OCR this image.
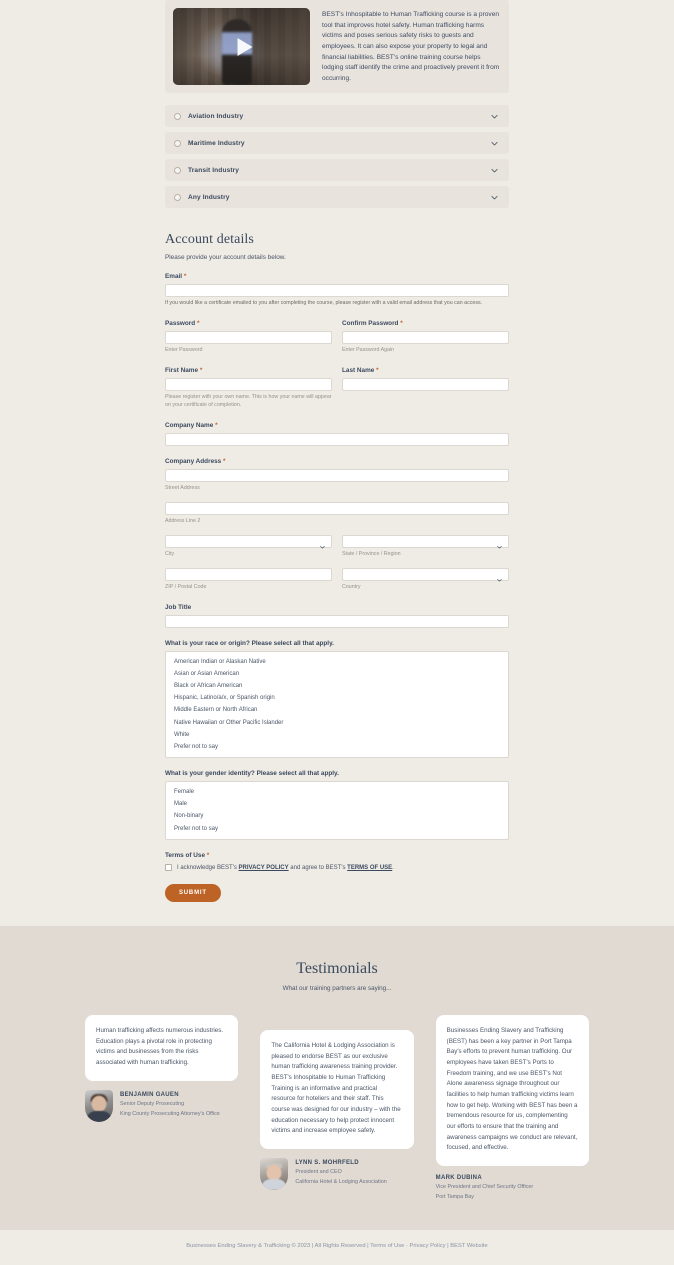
BEST's Inhospitable to Human Trafficking course is a proven tool that improves hotel safety. Human trafficking harms victims and poses serious safety risks to guests and employees. It can also expose your property to legal and financial liabilities. BEST's online training course helps lodging staff identify the crime and proactively prevent it from occurring.
Aviation Industry
Maritime Industry
Transit Industry
Any Industry
Account details
Please provide your account details below.
Email *
If you would like a certificate emailed to you after completing the course, please register with a valid email address that you can access.
Password *
Enter Password
Confirm Password *
Enter Password Again
First Name *
Please register with your own name. This is how your name will appear on your certificate of completion.
Last Name *
Company Name *
Company Address *
Street Address
Address Line 2
City	State / Province / Region
ZIP / Postal Code	Country
Job Title
What is your race or origin? Please select all that apply.
American Indian or Alaskan Native
Asian or Asian American
Black or African American
Hispanic, Latino/a/x, or Spanish origin
Middle Eastern or North African
Native Hawaiian or Other Pacific Islander
White
Prefer not to say
What is your gender identity? Please select all that apply.
Female
Male
Non-binary
Prefer not to say
Terms of Use *
I acknowledge BEST's PRIVACY POLICY and agree to BEST's TERMS OF USE.
SUBMIT
Testimonials
What our training partners are saying...
Human trafficking affects numerous industries. Education plays a pivotal role in protecting victims and businesses from the risks associated with human trafficking.
BENJAMIN GAUEN
Senior Deputy Prosecuting
King County Prosecuting Attorney's Office
The California Hotel & Lodging Association is pleased to endorse BEST as our exclusive human trafficking awareness training provider. BEST's Inhospitable to Human Trafficking Training is an informative and practical resource for hoteliers and their staff. This course was designed for our industry – with the education necessary to help protect innocent victims and increase employee safety.
LYNN S. MOHRFELD
President and CEO
California Hotel & Lodging Association
Businesses Ending Slavery and Trafficking (BEST) has been a key partner in Port Tampa Bay's efforts to prevent human trafficking. Our employees have taken BEST's Ports to Freedom training, and we use BEST's Not Alone awareness signage throughout our facilities to help human trafficking victims learn how to get help. Working with BEST has been a tremendous resource for us, complementing our efforts to ensure that the training and awareness campaigns we conduct are relevant, focused, and effective.
MARK DUBINA
Vice President and Chief Security Officer
Port Tampa Bay
Businesses Ending Slavery & Trafficking © 2023 | All Rights Reserved | Terms of Use · Privacy Policy | BEST Website
